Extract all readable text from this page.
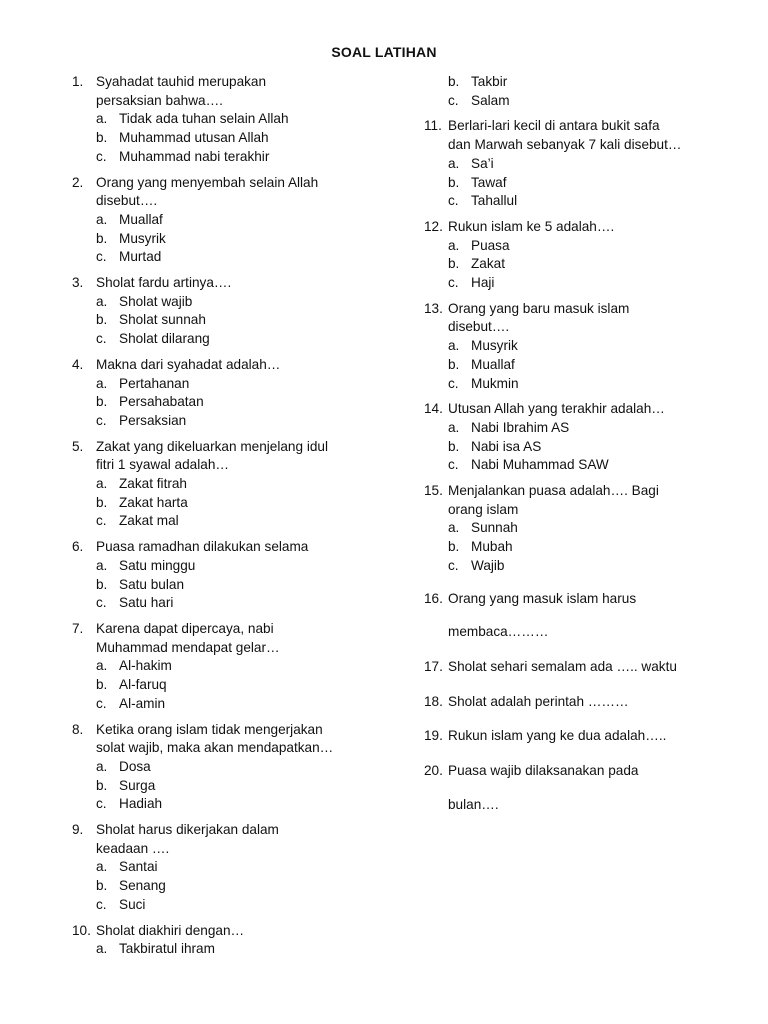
SOAL LATIHAN
1. Syahadat tauhid merupakan
persaksian bahwa….
a. Tidak ada tuhan selain Allah
b. Muhammad utusan Allah
c. Muhammad nabi terakhir
2. Orang yang menyembah selain Allah
disebut….
a. Muallaf
b. Musyrik
c. Murtad
3. Sholat fardu artinya….
a. Sholat wajib
b. Sholat sunnah
c. Sholat dilarang
4. Makna dari syahadat adalah…
a. Pertahanan
b. Persahabatan
c. Persaksian
5. Zakat yang dikeluarkan menjelang idul
fitri 1 syawal adalah…
a. Zakat fitrah
b. Zakat harta
c. Zakat mal
6. Puasa ramadhan dilakukan selama
a. Satu minggu
b. Satu bulan
c. Satu hari
7. Karena dapat dipercaya, nabi
Muhammad mendapat gelar…
a. Al-hakim
b. Al-faruq
c. Al-amin
8. Ketika orang islam tidak mengerjakan
solat wajib, maka akan mendapatkan…
a. Dosa
b. Surga
c. Hadiah
9. Sholat harus dikerjakan dalam
keadaan ….
a. Santai
b. Senang
c. Suci
10. Sholat diakhiri dengan…
a. Takbiratul ihram
b. Takbir
c. Salam
11. Berlari-lari kecil di antara bukit safa
dan Marwah sebanyak 7 kali disebut…
a. Sa’i
b. Tawaf
c. Tahallul
12. Rukun islam ke 5 adalah….
a. Puasa
b. Zakat
c. Haji
13. Orang yang baru masuk islam
disebut….
a. Musyrik
b. Muallaf
c. Mukmin
14. Utusan Allah yang terakhir adalah…
a. Nabi Ibrahim AS
b. Nabi isa AS
c. Nabi Muhammad SAW
15. Menjalankan puasa adalah…. Bagi
orang islam
a. Sunnah
b. Mubah
c. Wajib
16. Orang yang masuk islam harus
membaca………
17. Sholat sehari semalam ada ….. waktu
18. Sholat adalah perintah ………
19. Rukun islam yang ke dua adalah…..
20. Puasa wajib dilaksanakan pada
bulan….
